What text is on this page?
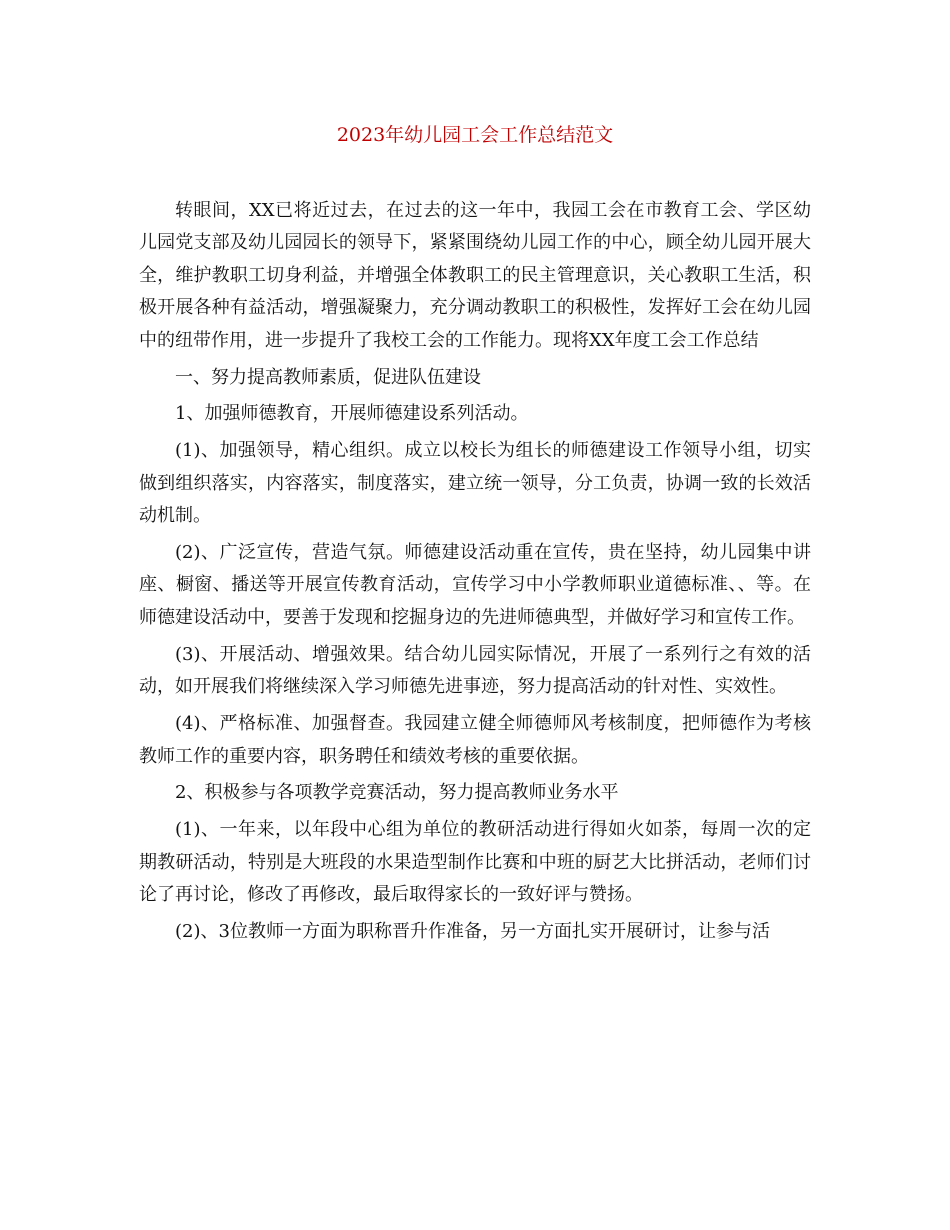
2023年幼儿园工会工作总结范文

转眼间，XX已将近过去，在过去的这一年中，我园工会在市教育工会、学区幼儿园党支部及幼儿园园长的领导下，紧紧围绕幼儿园工作的中心，顾全幼儿园开展大全，维护教职工切身利益，并增强全体教职工的民主管理意识，关心教职工生活，积极开展各种有益活动，增强凝聚力，充分调动教职工的积极性，发挥好工会在幼儿园中的纽带作用，进一步提升了我校工会的工作能力。现将XX年度工会工作总结

一、努力提高教师素质，促进队伍建设

1、加强师德教育，开展师德建设系列活动。

(1)、加强领导，精心组织。成立以校长为组长的师德建设工作领导小组，切实做到组织落实，内容落实，制度落实，建立统一领导，分工负责，协调一致的长效活动机制。

(2)、广泛宣传，营造气氛。师德建设活动重在宣传，贵在坚持，幼儿园集中讲座、橱窗、播送等开展宣传教育活动，宣传学习中小学教师职业道德标准、、等。在师德建设活动中，要善于发现和挖掘身边的先进师德典型，并做好学习和宣传工作。

(3)、开展活动、增强效果。结合幼儿园实际情况，开展了一系列行之有效的活动，如开展我们将继续深入学习师德先进事迹，努力提高活动的针对性、实效性。

(4)、严格标准、加强督查。我园建立健全师德师风考核制度，把师德作为考核教师工作的重要内容，职务聘任和绩效考核的重要依据。

2、积极参与各项教学竞赛活动，努力提高教师业务水平

(1)、一年来，以年段中心组为单位的教研活动进行得如火如荼，每周一次的定期教研活动，特别是大班段的水果造型制作比赛和中班的厨艺大比拼活动，老师们讨论了再讨论，修改了再修改，最后取得家长的一致好评与赞扬。

(2)、3位教师一方面为职称晋升作准备，另一方面扎实开展研讨，让参与活
